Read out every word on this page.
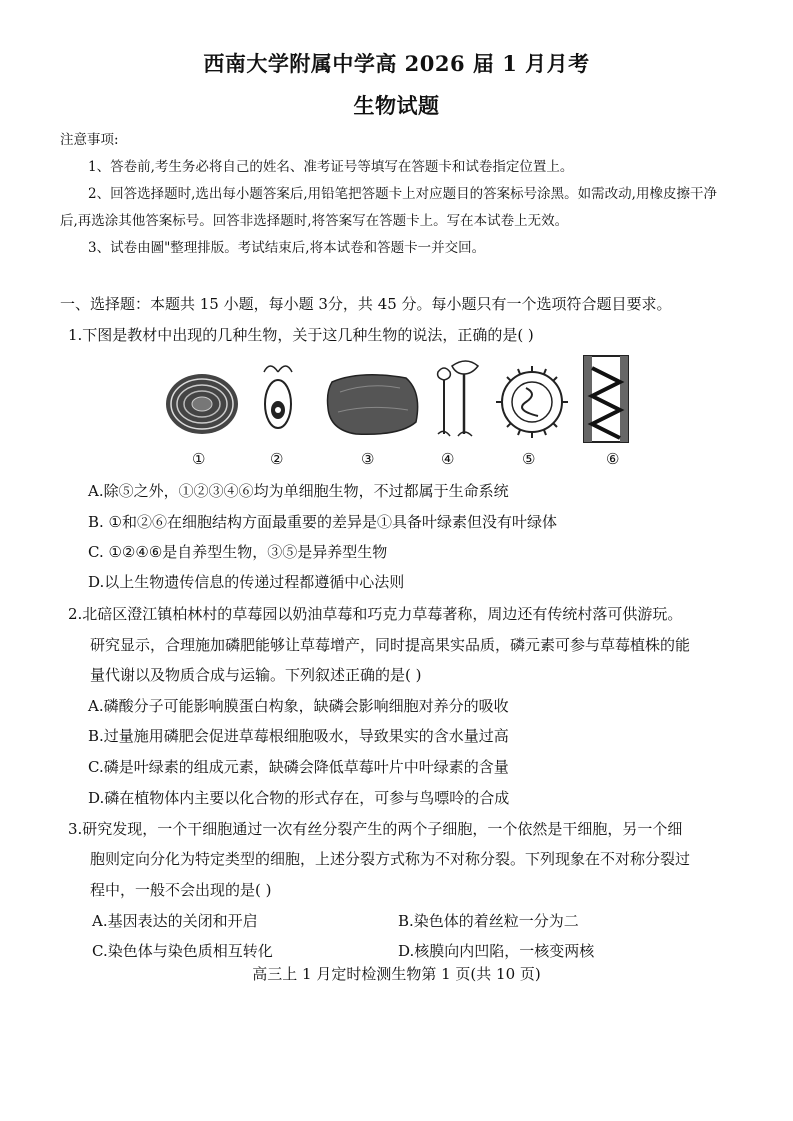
西南大学附属中学高 2026 届 1 月月考
生物试题
注意事项:
1、答卷前,考生务必将自己的姓名、准考证号等填写在答题卡和试卷指定位置上。
2、回答选择题时,选出每小题答案后,用铅笔把答题卡上对应题目的答案标号涂黑。如需改动,用橡皮擦干净
后,再选涂其他答案标号。回答非选择题时,将答案写在答题卡上。写在本试卷上无效。
3、试卷由圖"整理排版。考试结束后,将本试卷和答题卡一并交回。
一、选择题：本题共 15 小题，每小题 3分，共 45 分。每小题只有一个选项符合题目要求。
1.下图是教材中出现的几种生物，关于这几种生物的说法，正确的是( )
①	②	③	④	⑤	⑥
A.除⑤之外，①②③④⑥均为单细胞生物，不过都属于生命系统
B. ①和②⑥在细胞结构方面最重要的差异是①具备叶绿素但没有叶绿体
C. ①②④⑥是自养型生物，③⑤是异养型生物
D.以上生物遗传信息的传递过程都遵循中心法则
2.北碚区澄江镇柏林村的草莓园以奶油草莓和巧克力草莓著称，周边还有传统村落可供游玩。
研究显示，合理施加磷肥能够让草莓增产，同时提高果实品质，磷元素可参与草莓植株的能
量代谢以及物质合成与运输。下列叙述正确的是( )
A.磷酸分子可能影响膜蛋白构象，缺磷会影响细胞对养分的吸收
B.过量施用磷肥会促进草莓根细胞吸水，导致果实的含水量过高
C.磷是叶绿素的组成元素，缺磷会降低草莓叶片中叶绿素的含量
D.磷在植物体内主要以化合物的形式存在，可参与鸟嘌呤的合成
3.研究发现，一个干细胞通过一次有丝分裂产生的两个子细胞，一个依然是干细胞，另一个细
胞则定向分化为特定类型的细胞，上述分裂方式称为不对称分裂。下列现象在不对称分裂过
程中，一般不会出现的是( )
A.基因表达的关闭和开启	B.染色体的着丝粒一分为二
C.染色体与染色质相互转化	D.核膜向内凹陷，一核变两核
高三上 1 月定时检测生物第 1 页(共 10 页)
